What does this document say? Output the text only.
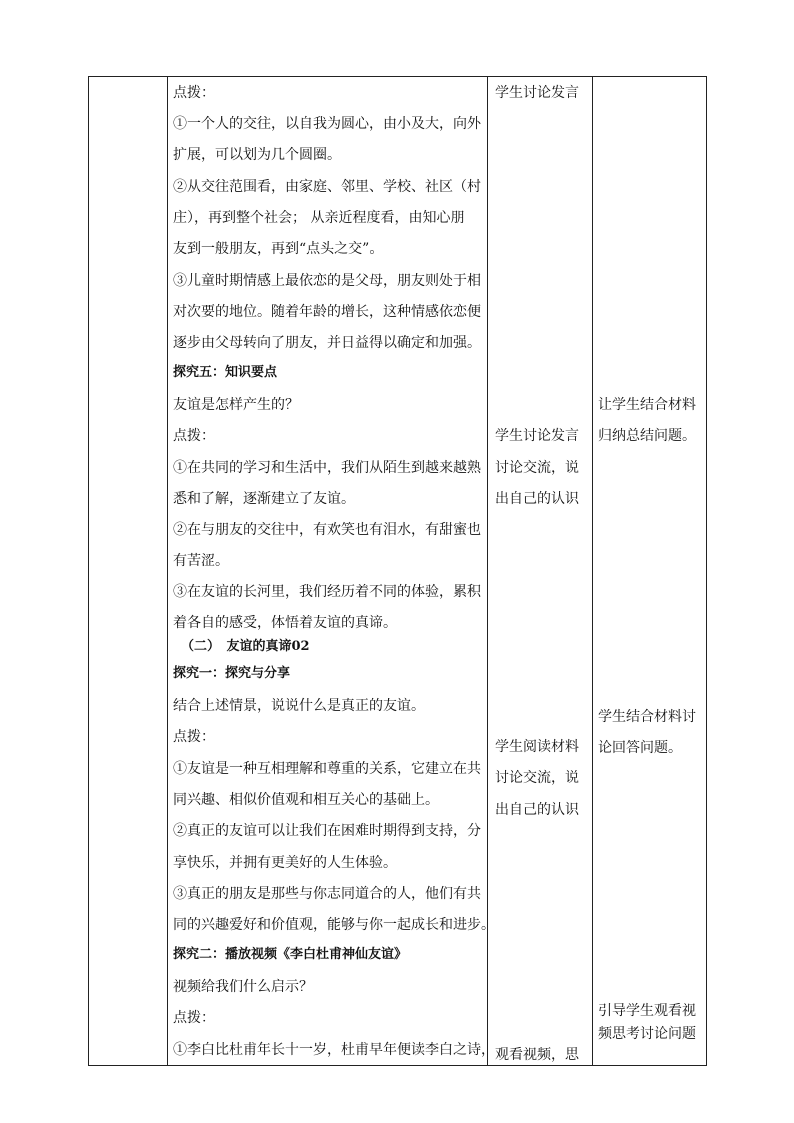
点拨：
①一个人的交往，以自我为圆心，由小及大，向外
扩展，可以划为几个圆圈。
②从交往范围看，由家庭、邻里、学校、社区（村
庄），再到整个社会； 从亲近程度看，由知心朋
友到一般朋友，再到“点头之交”。
③儿童时期情感上最依恋的是父母，朋友则处于相
对次要的地位。随着年龄的增长，这种情感依恋便
逐步由父母转向了朋友，并日益得以确定和加强。
探究五：知识要点
友谊是怎样产生的？
点拨：
①在共同的学习和生活中，我们从陌生到越来越熟
悉和了解，逐渐建立了友谊。
②在与朋友的交往中，有欢笑也有泪水，有甜蜜也
有苦涩。
③在友谊的长河里，我们经历着不同的体验，累积
着各自的感受，体悟着友谊的真谛。
（二）　友谊的真谛02
探究一：探究与分享
结合上述情景，说说什么是真正的友谊。
点拨：
①友谊是一种互相理解和尊重的关系，它建立在共
同兴趣、相似价值观和相互关心的基础上。
②真正的友谊可以让我们在困难时期得到支持，分
享快乐，并拥有更美好的人生体验。
③真正的朋友是那些与你志同道合的人，他们有共
同的兴趣爱好和价值观，能够与你一起成长和进步。
探究二：播放视频《李白杜甫神仙友谊》
视频给我们什么启示？
点拨：
①李白比杜甫年长十一岁，杜甫早年便读李白之诗，
学生讨论发言
学生讨论发言
讨论交流，说
出自己的认识
学生阅读材料
讨论交流，说
出自己的认识
观看视频，思
让学生结合材料
归纳总结问题。
学生结合材料讨
论回答问题。
引导学生观看视
频思考讨论问题
